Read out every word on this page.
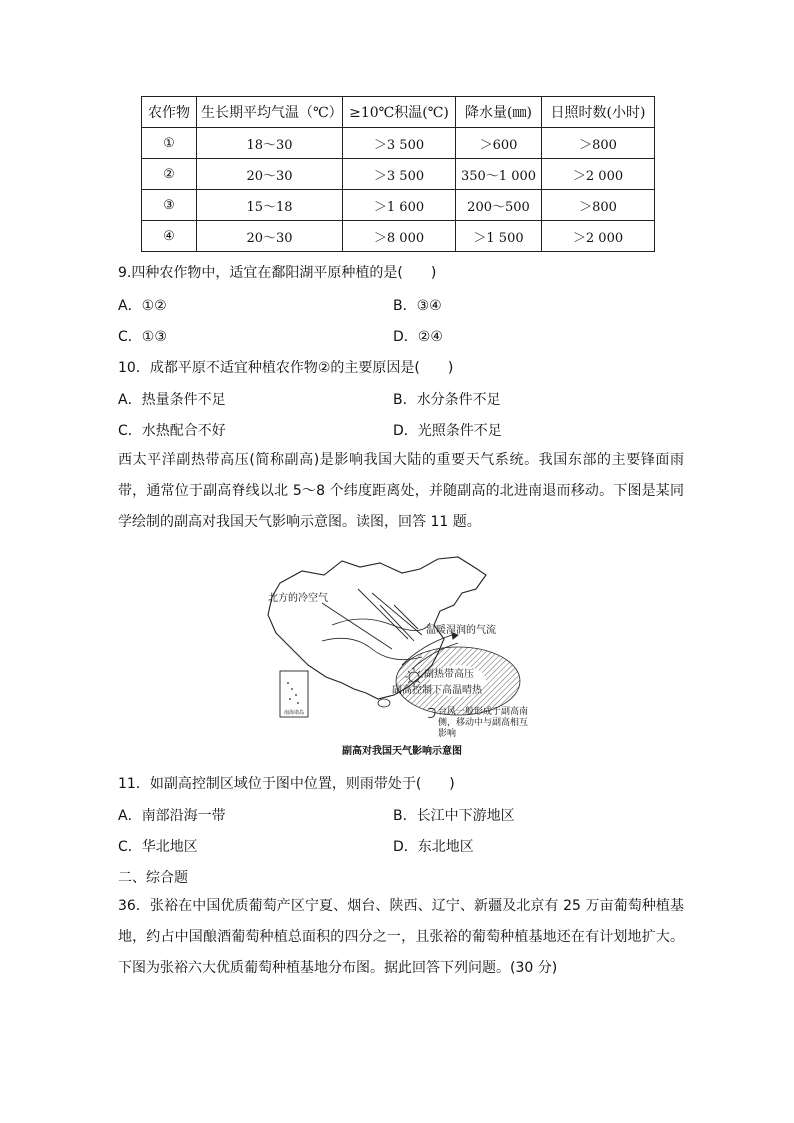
农作物	生长期平均气温（℃）	≥10℃积温(℃)	降水量(㎜)	日照时数(小时)
①	18～30	＞3 500	＞600	＞800
②	20～30	＞3 500	350～1 000	＞2 000
③	15～18	＞1 600	200～500	＞800
④	20～30	＞8 000	＞1 500	＞2 000
9.四种农作物中，适宜在鄱阳湖平原种植的是(　　)
A．①②	B．③④
C．①③	D．②④
10．成都平原不适宜种植农作物②的主要原因是(　　)
A．热量条件不足	B．水分条件不足
C．水热配合不好	D．光照条件不足
西太平洋副热带高压(简称副高)是影响我国大陆的重要天气系统。我国东部的主要锋面雨带，通常位于副高脊线以北 5～8 个纬度距离处，并随副高的北进南退而移动。下图是某同学绘制的副高对我国天气影响示意图。读图，回答 11 题。
南海诸岛
北方的冷空气
温暖湿润的气流
副热带高压
副高控制下高温晴热
台风一般形成于副高南
侧，移动中与副高相互
影响
副高对我国天气影响示意图
11．如副高控制区域位于图中位置，则雨带处于(　　)
A．南部沿海一带	B．长江中下游地区
C．华北地区	D．东北地区
二、综合题
36．张裕在中国优质葡萄产区宁夏、烟台、陕西、辽宁、新疆及北京有 25 万亩葡萄种植基地，约占中国酿酒葡萄种植总面积的四分之一，且张裕的葡萄种植基地还在有计划地扩大。下图为张裕六大优质葡萄种植基地分布图。据此回答下列问题。(30 分)
